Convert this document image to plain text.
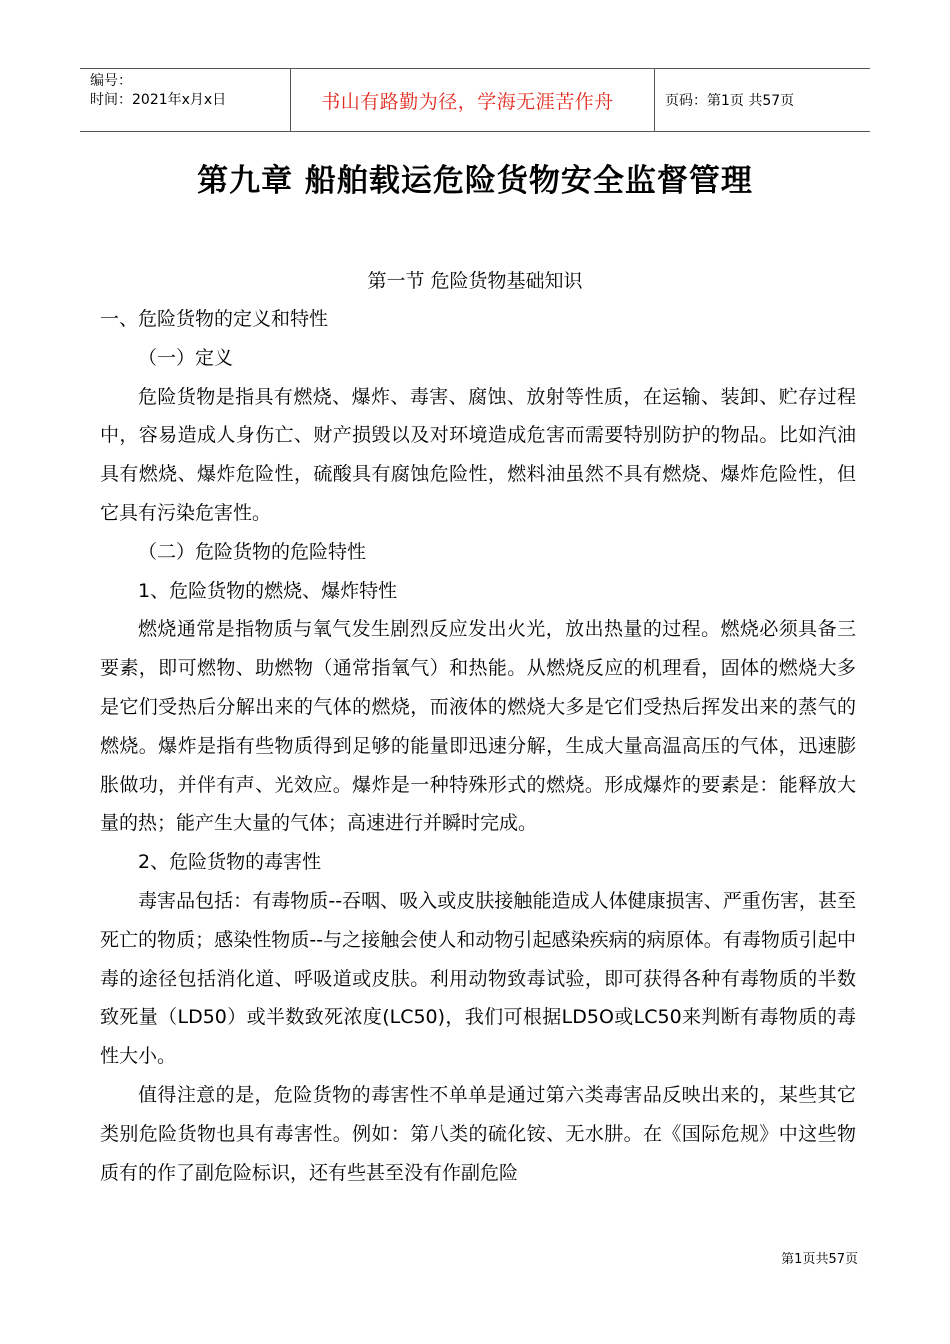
编号：
时间：2021年x月x日	书山有路勤为径，学海无涯苦作舟	页码：第1页 共57页
第九章 船舶载运危险货物安全监督管理
第一节 危险货物基础知识

一、危险货物的定义和特性

（一）定义

危险货物是指具有燃烧、爆炸、毒害、腐蚀、放射等性质，在运输、装卸、贮存过程中，容易造成人身伤亡、财产损毁以及对环境造成危害而需要特别防护的物品。比如汽油具有燃烧、爆炸危险性，硫酸具有腐蚀危险性，燃料油虽然不具有燃烧、爆炸危险性，但它具有污染危害性。

（二）危险货物的危险特性

1、危险货物的燃烧、爆炸特性

燃烧通常是指物质与氧气发生剧烈反应发出火光，放出热量的过程。燃烧必须具备三要素，即可燃物、助燃物（通常指氧气）和热能。从燃烧反应的机理看，固体的燃烧大多是它们受热后分解出来的气体的燃烧，而液体的燃烧大多是它们受热后挥发出来的蒸气的燃烧。爆炸是指有些物质得到足够的能量即迅速分解，生成大量高温高压的气体，迅速膨胀做功，并伴有声、光效应。爆炸是一种特殊形式的燃烧。形成爆炸的要素是：能释放大量的热；能产生大量的气体；高速进行并瞬时完成。

2、危险货物的毒害性

毒害品包括：有毒物质--吞咽、吸入或皮肤接触能造成人体健康损害、严重伤害，甚至死亡的物质；感染性物质--与之接触会使人和动物引起感染疾病的病原体。有毒物质引起中毒的途径包括消化道、呼吸道或皮肤。利用动物致毒试验，即可获得各种有毒物质的半数致死量（LD50）或半数致死浓度(LC50)，我们可根据LD5O或LC50来判断有毒物质的毒性大小。

值得注意的是，危险货物的毒害性不单单是通过第六类毒害品反映出来的，某些其它类别危险货物也具有毒害性。例如：第八类的硫化铵、无水肼。在《国际危规》中这些物质有的作了副危险标识，还有些甚至没有作副危险

第1页共57页
